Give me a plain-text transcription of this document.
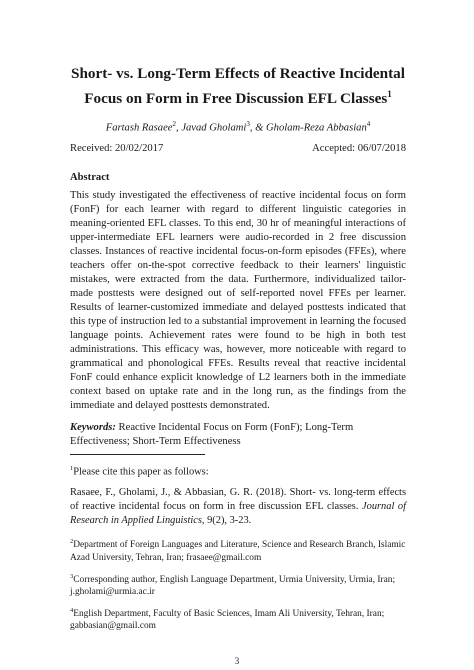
Short- vs. Long-Term Effects of Reactive Incidental Focus on Form in Free Discussion EFL Classes$^1$
Fartash Rasaee$^2$, Javad Gholami$^3$, & Gholam-Reza Abbasian$^4$
Received: 20/02/2017	Accepted: 06/07/2018
Abstract
This study investigated the effectiveness of reactive incidental focus on form (FonF) for each learner with regard to different linguistic categories in meaning-oriented EFL classes. To this end, 30 hr of meaningful interactions of upper-intermediate EFL learners were audio-recorded in 2 free discussion classes. Instances of reactive incidental focus-on-form episodes (FFEs), where teachers offer on-the-spot corrective feedback to their learners' linguistic mistakes, were extracted from the data. Furthermore, individualized tailor-made posttests were designed out of self-reported novel FFEs per learner. Results of learner-customized immediate and delayed posttests indicated that this type of instruction led to a substantial improvement in learning the focused language points. Achievement rates were found to be high in both test administrations. This efficacy was, however, more noticeable with regard to grammatical and phonological FFEs. Results reveal that reactive incidental FonF could enhance explicit knowledge of L2 learners both in the immediate context based on uptake rate and in the long run, as the findings from the immediate and delayed posttests demonstrated.
Keywords: Reactive Incidental Focus on Form (FonF); Long-Term Effectiveness; Short-Term Effectiveness
$^1$Please cite this paper as follows:
Rasaee, F., Gholami, J., & Abbasian, G. R. (2018). Short- vs. long-term effects of reactive incidental focus on form in free discussion EFL classes. Journal of Research in Applied Linguistics, 9(2), 3-23.
$^2$Department of Foreign Languages and Literature, Science and Research Branch, Islamic Azad University, Tehran, Iran; frasaee@gmail.com
$^3$Corresponding author, English Language Department, Urmia University, Urmia, Iran; j.gholami@urmia.ac.ir
$^4$English Department, Faculty of Basic Sciences, Imam Ali University, Tehran, Iran; gabbasian@gmail.com
3
